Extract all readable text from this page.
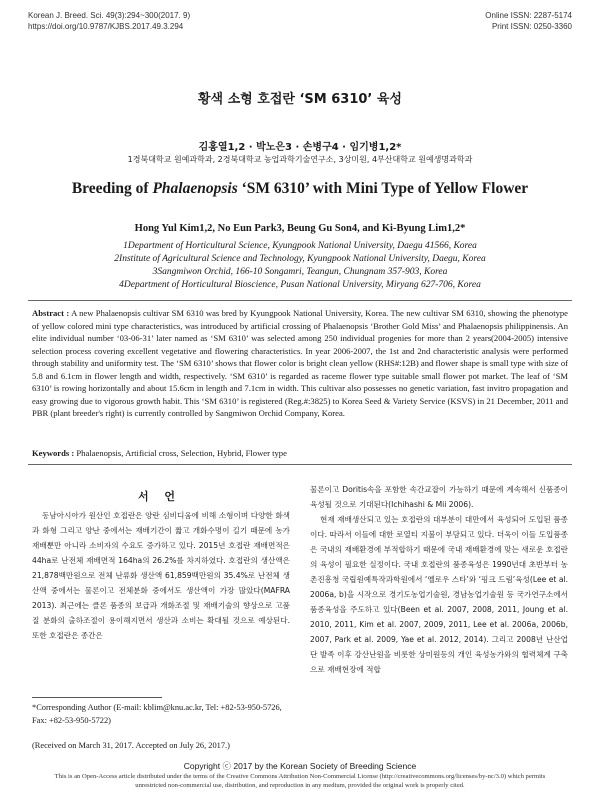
Korean J. Breed. Sci. 49(3):294~300(2017. 9)
https://doi.org/10.9787/KJBS.2017.49.3.294
Online ISSN: 2287-5174
Print ISSN: 0250-3360
황색 소형 호접란 ‘SM 6310’ 육성
김홍열1,2 · 박노은3 · 손병구4 · 임기병1,2*
1경북대학교 원예과학과, 2경북대학교 농업과학기술연구소, 3상미원, 4부산대학교 원예생명과학과
Breeding of Phalaenopsis ‘SM 6310’ with Mini Type of Yellow Flower
Hong Yul Kim1,2, No Eun Park3, Beung Gu Son4, and Ki-Byung Lim1,2*
1Department of Horticultural Science, Kyungpook National University, Daegu 41566, Korea
2Institute of Agricultural Science and Technology, Kyungpook National University, Daegu, Korea
3Sangmiwon Orchid, 166-10 Songamri, Teangun, Chungnam 357-903, Korea
4Department of Horticultural Bioscience, Pusan National University, Miryang 627-706, Korea
Abstract : A new Phalaenopsis cultivar SM 6310 was bred by Kyungpook National University, Korea. The new cultivar SM 6310, showing the phenotype of yellow colored mini type characteristics, was introduced by artificial crossing of Phalaenopsis ‘Brother Gold Miss’ and Phalaenopsis philippinensis. An elite individual number ‘03-06-31’ later named as ‘SM 6310’ was selected among 250 individual progenies for more than 2 years(2004-2005) intensive selection process covering excellent vegetative and flowering characteristics. In year 2006-2007, the 1st and 2nd characteristic analysis were performed through stability and uniformity test. The ‘SM 6310’ shows that flower color is bright clean yellow (RHS#:12B) and flower shape is small type with size of 5.8 and 6.1cm in flower length and width, respectively. ‘SM 6310’ is regarded as raceme flower type suitable small flower pot market. The leaf of ‘SM 6310’ is rowing horizontally and about 15.6cm in length and 7.1cm in width. This cultivar also possesses no genetic variation, fast invitro propagation and easy growing due to vigorous growth habit. This ‘SM 6310’ is registered (Reg.#:3825) to Korea Seed & Variety Service (KSVS) in 21 December, 2011 and PBR (plant breeder's right) is currently controlled by Sangmiwon Orchid Company, Korea.
Keywords : Phalaenopsis, Artificial cross, Selection, Hybrid, Flower type
서 언

동남아시아가 원산인 호접란은 양란 심비디움에 비해 소형이며 다양한 화색과 화형 그리고 양난 중에서는 재배기간이 짧고 개화수명이 길기 때문에 농가재배뿐만 아니라 소비자의 수요도 증가하고 있다. 2015년 호접란 재배면적은 44ha로 난전체 재배면적 164ha의 26.2%를 차지하였다. 호접란의 생산액은 21,878백만원으로 전체 난류화 생산액 61,859백만원의 35.4%로 난전체 생산액 중에서는 물론이고 전체분화 중에서도 생산액이 가장 많았다(MAFRA 2013). 최근에는 클론 품종의 보급과 개화조절 및 재배기술의 향상으로 고품질 분화의 출하조절이 용이해지면서 생산과 소비는 확대될 것으로 예상된다. 또한 호접란은 종간은

물론이고 Doritis속을 포함한 속간교잡이 가능하기 때문에 계속해서 신품종이 육성될 것으로 기대된다(Ichihashi & Mii 2006).

현재 재배생산되고 있는 호접란의 대부분이 대만에서 육성되어 도입된 품종이다. 따라서 이들에 대한 로열티 지불이 부담되고 있다. 더욱이 이들 도입품종은 국내의 재배환경에 부적합하기 때문에 국내 재배환경에 맞는 새로운 호접란의 육성이 필요한 실정이다. 국내 호접란의 품종육성은 1990년대 초반부터 농촌진흥청 국립원예특작과학원에서 ‘옐로우 스타’와 ‘핑크 드림’육성(Lee et al. 2006a, b)을 시작으로 경기도농업기술원, 경남농업기술원 등 국가연구소에서 품종육성을 주도하고 있다(Been et al. 2007, 2008, 2011, Joung et al. 2010, 2011, Kim et al. 2007, 2009, 2011, Lee et al. 2006a, 2006b, 2007, Park et al. 2009, Yae et al. 2012, 2014). 그리고 2008년 난산업단 발족 이후 강산난원을 비롯한 상미원등의 개인 육성농가와의 협력체계 구축으로 재배현장에 적합

*Corresponding Author (E-mail: kblim@knu.ac.kr, Tel: +82-53-950-5726, Fax: +82-53-950-5722)
(Received on March 31, 2017. Accepted on July 26, 2017.)
Copyright ⓒ 2017 by the Korean Society of Breeding Science
This is an Open-Access article distributed under the terms of the Creative Commons Attribution Non-Commercial License (http://creativecommons.org/licenses/by-nc/3.0) which permits unrestricted non-commercial use, distribution, and reproduction in any medium, provided the original work is properly cited.
